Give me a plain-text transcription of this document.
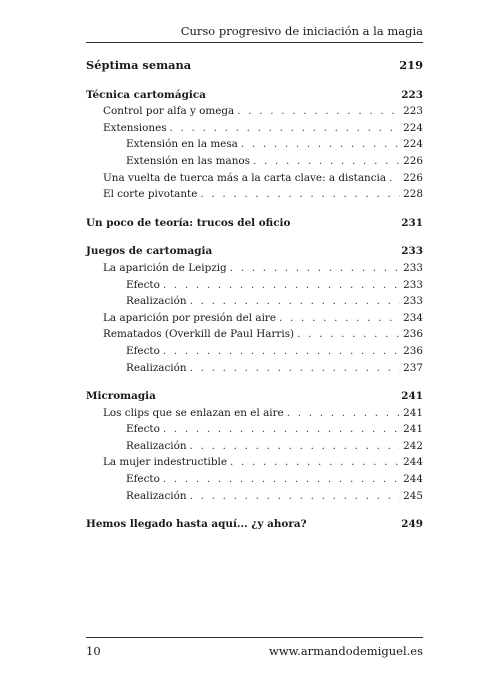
Curso progresivo de iniciación a la magia
Séptima semana	219
Técnica cartomágica	223
Control por alfa y omega . . .	223
Extensiones . . .	224
Extensión en la mesa . . .	224
Extensión en las manos . . .	226
Una vuelta de tuerca más a la carta clave: a distancia . . . 226
El corte pivotante . . .	228
Un poco de teoría: trucos del oficio	231
Juegos de cartomagia	233
La aparición de Leipzig . . .	233
Efecto . . .	233
Realización . . .	233
La aparición por presión del aire . . .	234
Rematados (Overkill de Paul Harris) . . .	236
Efecto . . .	236
Realización . . .	237
Micromagia	241
Los clips que se enlazan en el aire . . .	241
Efecto . . .	241
Realización . . .	242
La mujer indestructible . . .	244
Efecto . . .	244
Realización . . .	245
Hemos llegado hasta aquí... ¿y ahora?	249
10	www.armandodemiguel.es
